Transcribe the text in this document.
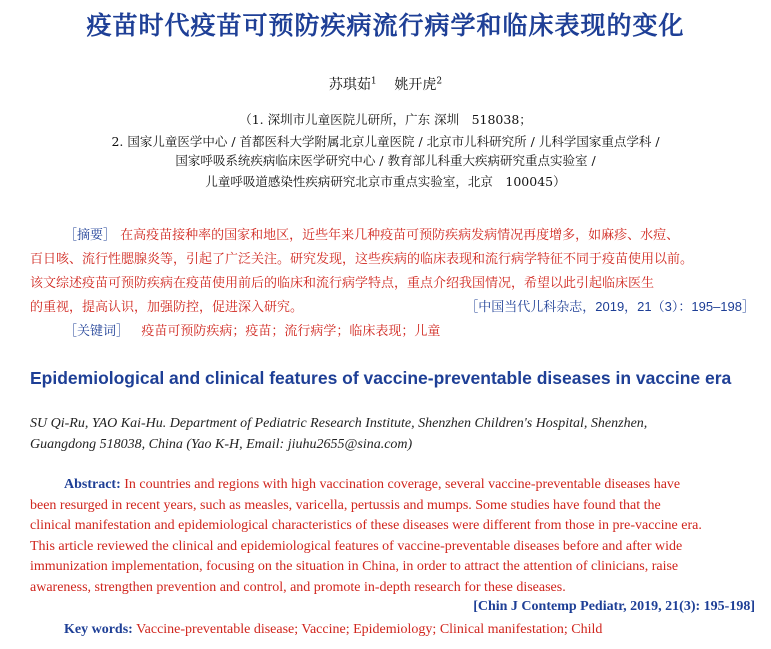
疫苗时代疫苗可预防疾病流行病学和临床表现的变化
苏琪茹$^1$ 姚开虎$^2$
（1. 深圳市儿童医院儿研所，广东 深圳　518038；
2. 国家儿童医学中心 / 首都医科大学附属北京儿童医院 / 北京市儿科研究所 / 儿科学国家重点学科 /
国家呼吸系统疾病临床医学研究中心 / 教育部儿科重大疾病研究重点实验室 /
儿童呼吸道感染性疾病研究北京市重点实验室，北京　100045）
［摘要］ 在高疫苗接种率的国家和地区，近些年来几种疫苗可预防疾病发病情况再度增多，如麻疹、水痘、
百日咳、流行性腮腺炎等，引起了广泛关注。研究发现，这些疾病的临床表现和流行病学特征不同于疫苗使用以前。
该文综述疫苗可预防疾病在疫苗使用前后的临床和流行病学特点，重点介绍我国情况，希望以此引起临床医生
的重视，提高认识，加强防控，促进深入研究。	［中国当代儿科杂志，2019，21（3）：195–198］
［关键词］ 疫苗可预防疾病；疫苗；流行病学；临床表现；儿童
Epidemiological and clinical features of vaccine-preventable diseases in vaccine era
SU Qi-Ru, YAO Kai-Hu. Department of Pediatric Research Institute, Shenzhen Children's Hospital, Shenzhen,
Guangdong 518038, China (Yao K-H, Email: jiuhu2655@sina.com)
Abstract: In countries and regions with high vaccination coverage, several vaccine-preventable diseases have
been resurged in recent years, such as measles, varicella, pertussis and mumps. Some studies have found that the
clinical manifestation and epidemiological characteristics of these diseases were different from those in pre-vaccine era.
This article reviewed the clinical and epidemiological features of vaccine-preventable diseases before and after wide
immunization implementation, focusing on the situation in China, in order to attract the attention of clinicians, raise
awareness, strengthen prevention and control, and promote in-depth research for these diseases.
[Chin J Contemp Pediatr, 2019, 21(3): 195-198]
Key words: Vaccine-preventable disease; Vaccine; Epidemiology; Clinical manifestation; Child
